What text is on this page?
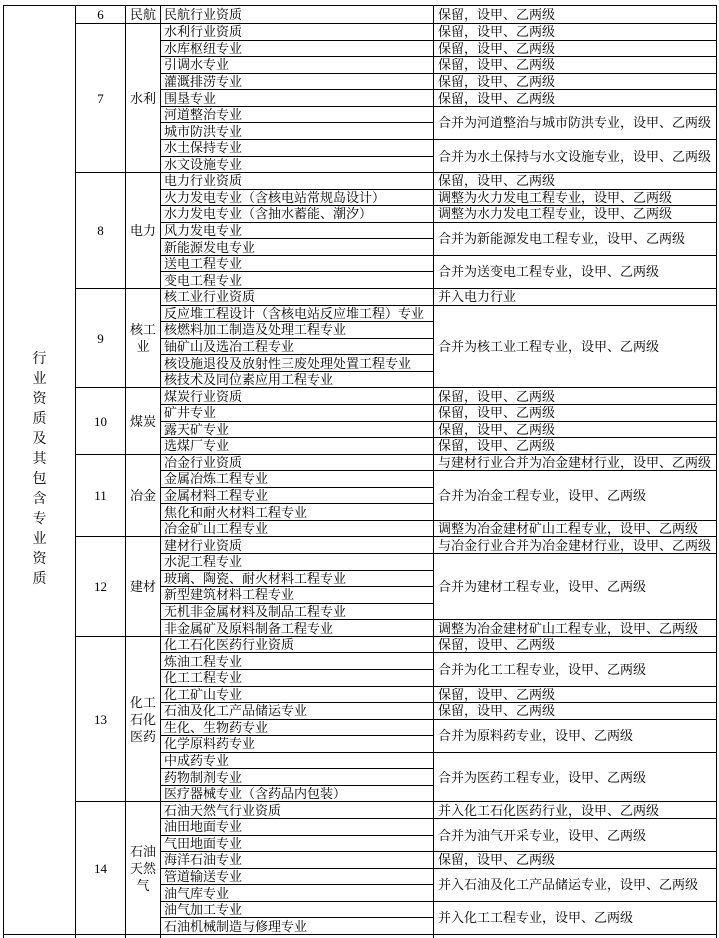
行业资质及其包含专业资质	6	民航	民航行业资质	保留，设甲、乙两级
	7	水利	水利行业资质	保留，设甲、乙两级
			水库枢纽专业	保留，设甲、乙两级
			引调水专业	保留，设甲、乙两级
			灌溉排涝专业	保留，设甲、乙两级
			围垦专业	保留，设甲、乙两级
			河道整治专业	合并为河道整治与城市防洪专业，设甲、乙两级
			城市防洪专业	
			水土保持专业	合并为水土保持与水文设施专业，设甲、乙两级
			水文设施专业	
	8	电力	电力行业资质	保留，设甲、乙两级
			火力发电专业（含核电站常规岛设计）	调整为火力发电工程专业，设甲、乙两级
			水力发电专业（含抽水蓄能、潮汐）	调整为水力发电工程专业，设甲、乙两级
			风力发电专业	合并为新能源发电工程专业，设甲、乙两级
			新能源发电专业	
			送电工程专业	合并为送变电工程专业，设甲、乙两级
			变电工程专业	
	9	核工业	核工业行业资质	并入电力行业
			反应堆工程设计（含核电站反应堆工程）专业	合并为核工业工程专业，设甲、乙两级
			核燃料加工制造及处理工程专业	
			铀矿山及选冶工程专业	
			核设施退役及放射性三废处理处置工程专业	
			核技术及同位素应用工程专业	
	10	煤炭	煤炭行业资质	保留，设甲、乙两级
			矿井专业	保留，设甲、乙两级
			露天矿专业	保留，设甲、乙两级
			选煤厂专业	保留，设甲、乙两级
	11	冶金	冶金行业资质	与建材行业合并为冶金建材行业，设甲、乙两级
			金属冶炼工程专业	合并为冶金工程专业，设甲、乙两级
			金属材料工程专业	
			焦化和耐火材料工程专业	
			冶金矿山工程专业	调整为冶金建材矿山工程专业，设甲、乙两级
	12	建材	建材行业资质	与冶金行业合并为冶金建材行业，设甲、乙两级
			水泥工程专业	合并为建材工程专业，设甲、乙两级
			玻璃、陶瓷、耐火材料工程专业	
			新型建筑材料工程专业	
			无机非金属材料及制品工程专业	
			非金属矿及原料制备工程专业	调整为冶金建材矿山工程专业，设甲、乙两级
	13	化工石化医药	化工石化医药行业资质	保留，设甲、乙两级
			炼油工程专业	合并为化工工程专业，设甲、乙两级
			化工工程专业	
			化工矿山专业	保留，设甲、乙两级
			石油及化工产品储运专业	保留，设甲、乙两级
			生化、生物药专业	合并为原料药专业，设甲、乙两级
			化学原料药专业	
			中成药专业	合并为医药工程专业，设甲、乙两级
			药物制剂专业	
			医疗器械专业（含药品内包装）	
	14	石油天然气	石油天然气行业资质	并入化工石化医药行业，设甲、乙两级
			油田地面专业	合并为油气开采专业，设甲、乙两级
			气田地面专业	
			海洋石油专业	保留，设甲、乙两级
			管道输送专业	并入石油及化工产品储运专业，设甲、乙两级
			油气库专业	
			油气加工专业	并入化工工程专业，设甲、乙两级
			石油机械制造与修理专业	
